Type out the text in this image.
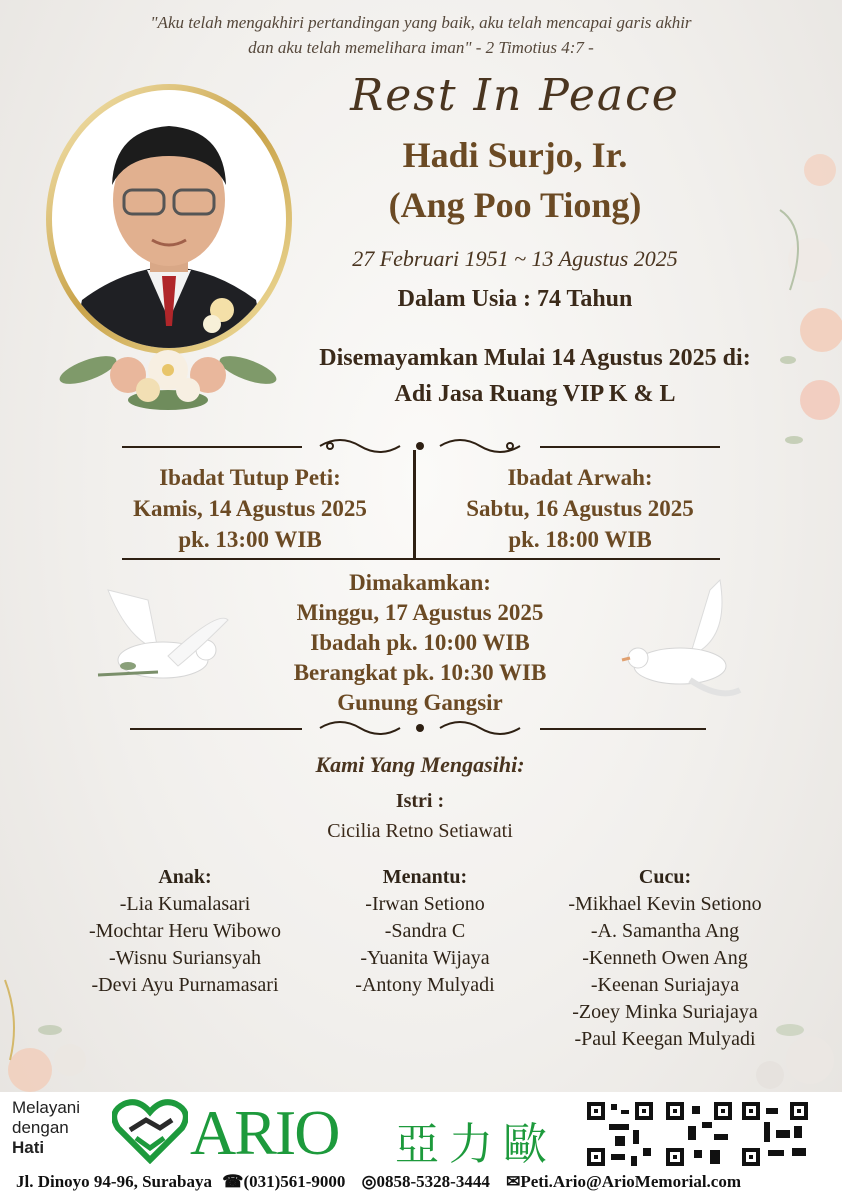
"Aku telah mengakhiri pertandingan yang baik, aku telah mencapai garis akhir
dan aku telah memelihara iman" - 2 Timotius 4:7 -
Rest In Peace
Hadi Surjo, Ir.
(Ang Poo Tiong)
27 Februari 1951 ~ 13 Agustus 2025
Dalam Usia : 74 Tahun
Disemayamkan Mulai 14 Agustus 2025 di:
Adi Jasa Ruang VIP K & L
Ibadat Tutup Peti:
Kamis, 14 Agustus 2025
pk. 13:00 WIB
Ibadat Arwah:
Sabtu, 16 Agustus 2025
pk. 18:00 WIB
Dimakamkan:
Minggu, 17 Agustus 2025
Ibadah pk. 10:00 WIB
Berangkat pk. 10:30 WIB
Gunung Gangsir
Kami Yang Mengasihi:
Istri :
Cicilia Retno Setiawati
Anak:
-Lia Kumalasari
-Mochtar Heru Wibowo
-Wisnu Suriansyah
-Devi Ayu Purnamasari
Menantu:
-Irwan Setiono
-Sandra C
-Yuanita Wijaya
-Antony Mulyadi
Cucu:
-Mikhael Kevin Setiono
-A. Samantha Ang
-Kenneth Owen Ang
-Keenan Suriajaya
-Zoey Minka Suriajaya
-Paul Keegan Mulyadi
Melayani
dengan
Hati	ARIO 亞力歐
Jl. Dinoyo 94-96, Surabaya ☎(031)561-9000 ◎0858-5328-3444 ✉Peti.Ario@ArioMemorial.com
